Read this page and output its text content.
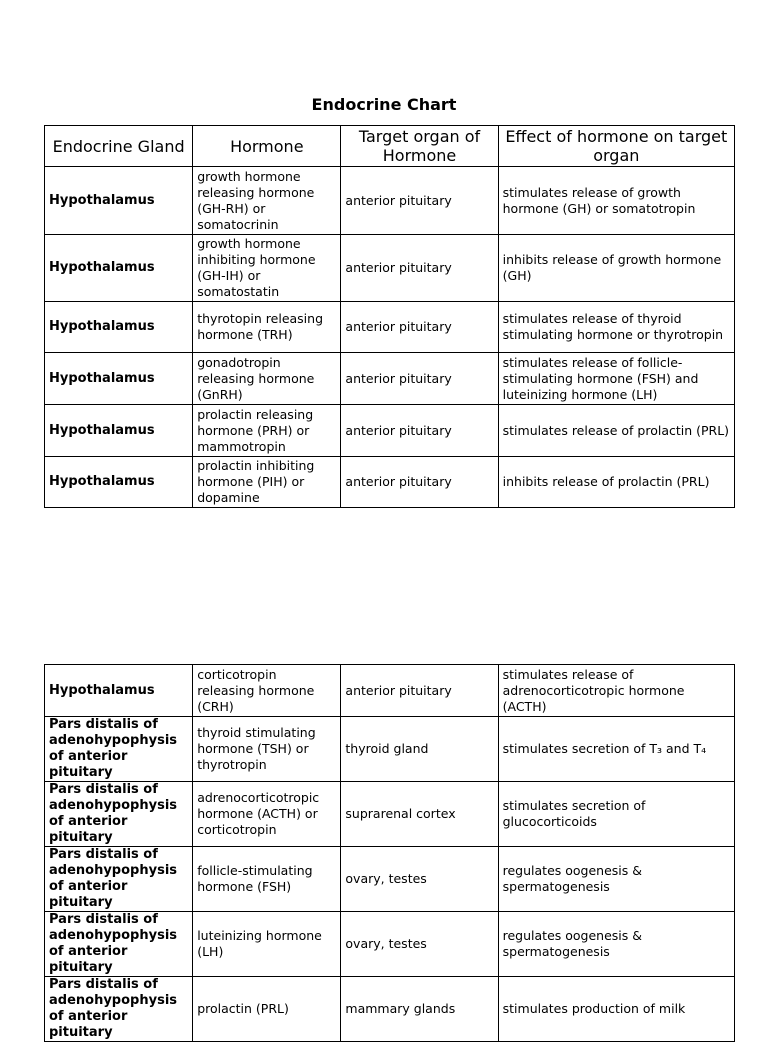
Endocrine Chart
Endocrine Gland	Hormone	Target organ of Hormone	Effect of hormone on target organ
Hypothalamus	growth hormone releasing hormone (GH-RH) or somatocrinin	anterior pituitary	stimulates release of growth hormone (GH) or somatotropin
Hypothalamus	growth hormone inhibiting hormone (GH-IH) or somatostatin	anterior pituitary	inhibits release of growth hormone (GH)
Hypothalamus	thyrotopin releasing hormone (TRH)	anterior pituitary	stimulates release of thyroid stimulating hormone or thyrotropin
Hypothalamus	gonadotropin releasing hormone (GnRH)	anterior pituitary	stimulates release of follicle-stimulating hormone (FSH) and luteinizing hormone (LH)
Hypothalamus	prolactin releasing hormone (PRH) or mammotropin	anterior pituitary	stimulates release of prolactin (PRL)
Hypothalamus	prolactin inhibiting hormone (PIH) or dopamine	anterior pituitary	inhibits release of prolactin (PRL)
Hypothalamus	corticotropin releasing hormone (CRH)	anterior pituitary	stimulates release of adrenocorticotropic hormone (ACTH)
Pars distalis of adenohypophysis of anterior pituitary	thyroid stimulating hormone (TSH) or thyrotropin	thyroid gland	stimulates secretion of T₃ and T₄
Pars distalis of adenohypophysis of anterior pituitary	adrenocorticotropic hormone (ACTH) or corticotropin	suprarenal cortex	stimulates secretion of glucocorticoids
Pars distalis of adenohypophysis of anterior pituitary	follicle-stimulating hormone (FSH)	ovary, testes	regulates oogenesis & spermatogenesis
Pars distalis of adenohypophysis of anterior pituitary	luteinizing hormone (LH)	ovary, testes	regulates oogenesis & spermatogenesis
Pars distalis of adenohypophysis of anterior pituitary	prolactin (PRL)	mammary glands	stimulates production of milk
